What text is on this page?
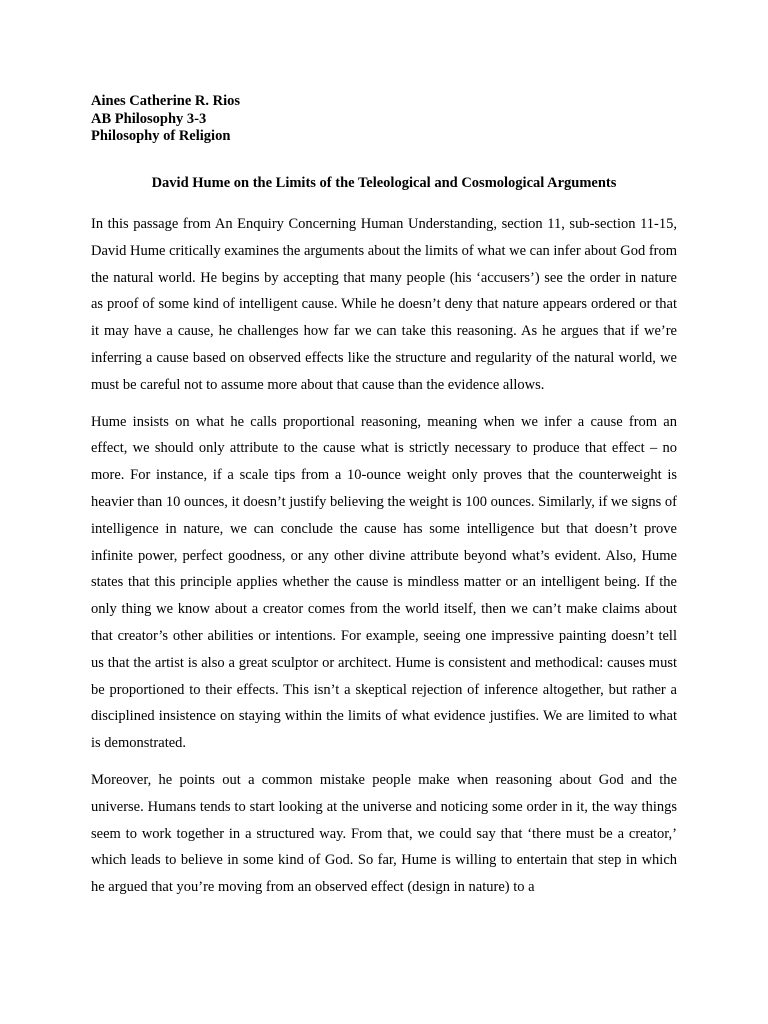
Aines Catherine R. Rios
AB Philosophy 3-3
Philosophy of Religion
David Hume on the Limits of the Teleological and Cosmological Arguments

In this passage from An Enquiry Concerning Human Understanding, section 11, sub-section 11-15, David Hume critically examines the arguments about the limits of what we can infer about God from the natural world. He begins by accepting that many people (his ‘accusers’) see the order in nature as proof of some kind of intelligent cause. While he doesn’t deny that nature appears ordered or that it may have a cause, he challenges how far we can take this reasoning. As he argues that if we’re inferring a cause based on observed effects like the structure and regularity of the natural world, we must be careful not to assume more about that cause than the evidence allows.

Hume insists on what he calls proportional reasoning, meaning when we infer a cause from an effect, we should only attribute to the cause what is strictly necessary to produce that effect – no more. For instance, if a scale tips from a 10-ounce weight only proves that the counterweight is heavier than 10 ounces, it doesn’t justify believing the weight is 100 ounces. Similarly, if we signs of intelligence in nature, we can conclude the cause has some intelligence but that doesn’t prove infinite power, perfect goodness, or any other divine attribute beyond what’s evident. Also, Hume states that this principle applies whether the cause is mindless matter or an intelligent being. If the only thing we know about a creator comes from the world itself, then we can’t make claims about that creator’s other abilities or intentions. For example, seeing one impressive painting doesn’t tell us that the artist is also a great sculptor or architect. Hume is consistent and methodical: causes must be proportioned to their effects. This isn’t a skeptical rejection of inference altogether, but rather a disciplined insistence on staying within the limits of what evidence justifies. We are limited to what is demonstrated.

Moreover, he points out a common mistake people make when reasoning about God and the universe. Humans tends to start looking at the universe and noticing some order in it, the way things seem to work together in a structured way. From that, we could say that ‘there must be a creator,’ which leads to believe in some kind of God. So far, Hume is willing to entertain that step in which he argued that you’re moving from an observed effect (design in nature) to a
